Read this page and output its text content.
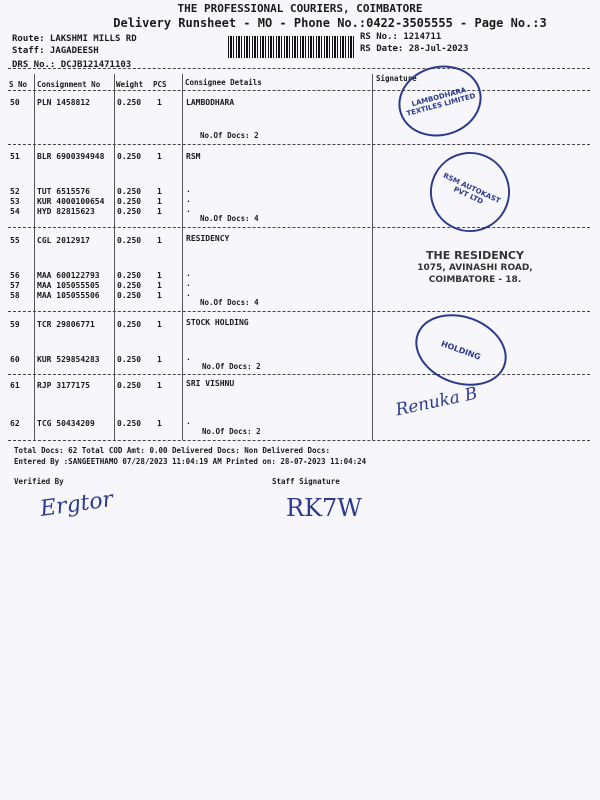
THE PROFESSIONAL COURIERS, COIMBATORE
Delivery Runsheet - MO - Phone No.:0422-3505555 - Page No.:3
Route: LAKSHMI MILLS RD
Staff: JAGADEESH
DRS No.: DCJB121471103
RS No.: 1214711
RS Date: 28-Jul-2023
S No Consignment No Weight PCS Consignee Details	Signature
50 PLN 1458812	0.250 1	LAMBODHARA
No.Of Docs: 2
51 BLR 6900394948 0.250 1	RSM
52 TUT 6515576	0.250 1	.
53 KUR 4000100654 0.250 1	.
54 HYD 82815623	0.250 1	.
No.Of Docs: 4
55 CGL 2012917	0.250 1	RESIDENCY
56 MAA 600122793 0.250 1	.
57 MAA 105055505 0.250 1	.
58 MAA 105055506 0.250 1	.
No.Of Docs: 4
59 TCR 29806771	0.250 1	STOCK HOLDING
60 KUR 529854283 0.250 1	.
No.Of Docs: 2
61 RJP 3177175	0.250 1	SRI VISHNU
62 TCG 50434209	0.250 1	.
No.Of Docs: 2
Total Docs: 62 Total COD Amt: 0.00 Delivered Docs: Non Delivered Docs:
Entered By :SANGEETHAMO 07/28/2023 11:04:19 AM Printed on: 28-07-2023 11:04:24
Verified By	Staff Signature
LAMBODHARA TEXTILES LIMITED
RSM AUTOKAST PVT LTD
THE RESIDENCY
1075, AVINASHI ROAD,
COIMBATORE - 18.
HOLDING
Ergtor	RK7W
Renuka B
